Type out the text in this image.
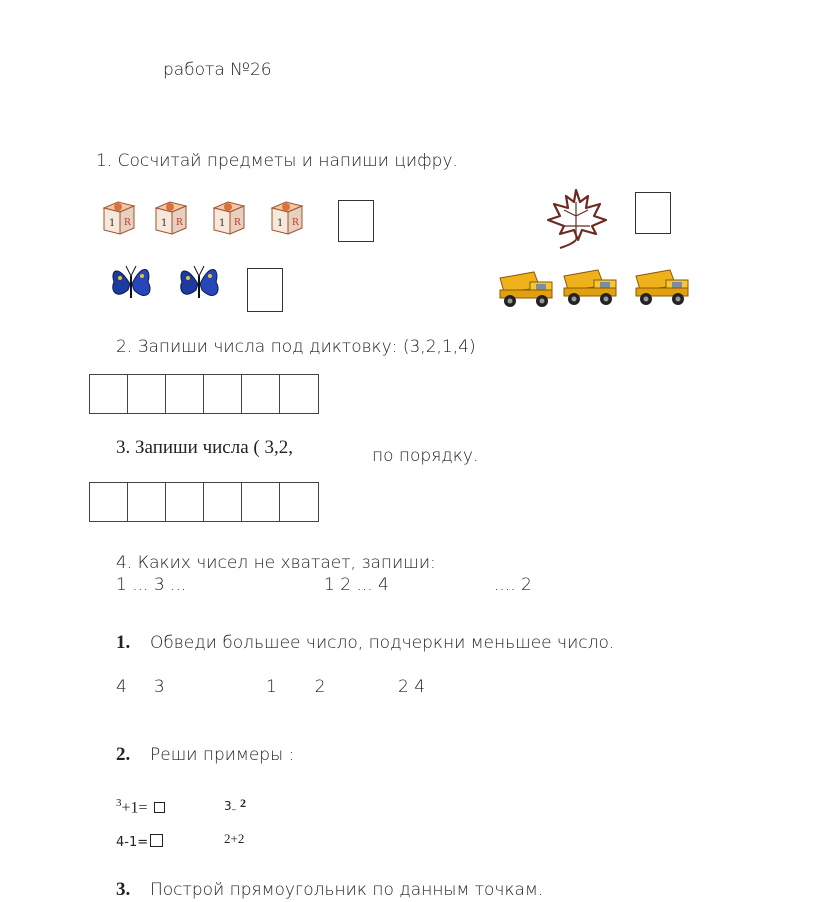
работа №26
1. Сосчитай предметы и напиши цифру.
2. Запиши числа под диктовку: (3,2,1,4)
3. Запиши числа ( 3,2,	по порядку.
4. Каких чисел не хватает, запиши:
1 ... 3 ...	1 2 ... 4	.... 2
1. Обведи большее число, подчеркни меньшее число.
4     3	1       2	2 4
2. Реши примеры :
$^3$+1=	3– 2
4-1=	2+2
3. Построй прямоугольник по данным точкам.
